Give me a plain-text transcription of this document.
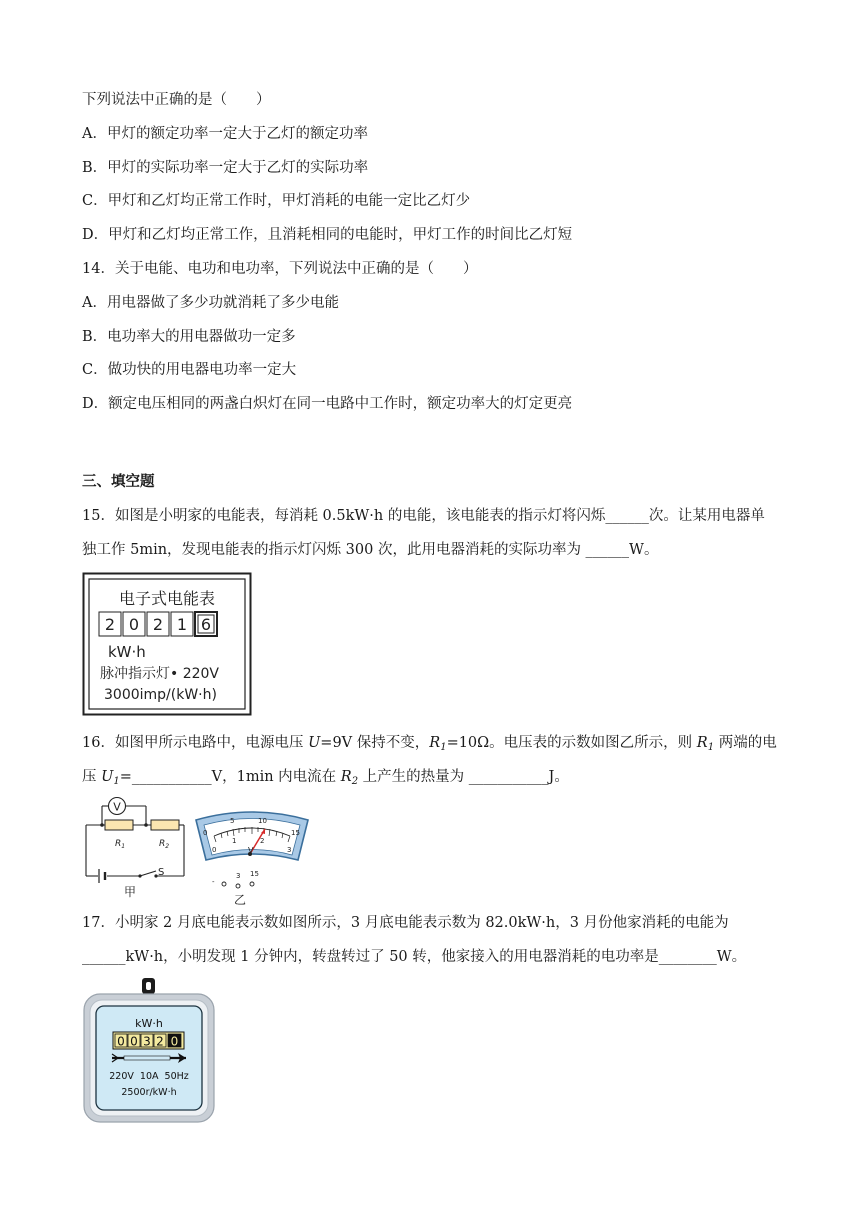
下列说法中正确的是（　　）
A．甲灯的额定功率一定大于乙灯的额定功率
B．甲灯的实际功率一定大于乙灯的实际功率
C．甲灯和乙灯均正常工作时，甲灯消耗的电能一定比乙灯少
D．甲灯和乙灯均正常工作，且消耗相同的电能时，甲灯工作的时间比乙灯短
14．关于电能、电功和电功率，下列说法中正确的是（　　）
A．用电器做了多少功就消耗了多少电能
B．电功率大的用电器做功一定多
C．做功快的用电器电功率一定大
D．额定电压相同的两盏白炽灯在同一电路中工作时，额定功率大的灯定更亮
三、填空题
15．如图是小明家的电能表，每消耗 0.5kW·h 的电能，该电能表的指示灯将闪烁______次。让某用电器单
独工作 5min，发现电能表的指示灯闪烁 300 次，此用电器消耗的实际功率为 ______W。
电子式电能表
2 0 2 1 6
kW·h
脉冲指示灯• 220V
3000imp/(kW·h)
16．如图甲所示电路中，电源电压 U=9V 保持不变，$R_1=10\Omega$。电压表的示数如图乙所示，则 $R_1$ 两端的电
压 $U_1=\_\_\_\_\_\_\_\_\_\_\_V$，1min 内电流在 $R_2$ 上产生的热量为 ___________J。
V
$R_1$	$R_2$
S
甲
0
5	10
15
0
1	2
3
V
-
3 15
乙
17．小明家 2 月底电能表示数如图所示，3 月底电能表示数为 82.0kW·h，3 月份他家消耗的电能为
______kW·h，小明发现 1 分钟内，转盘转过了 50 转，他家接入的用电器消耗的电功率是________W。
kW·h
0 0 3 2 0
220V  10A  50Hz
2500r/kW·h
